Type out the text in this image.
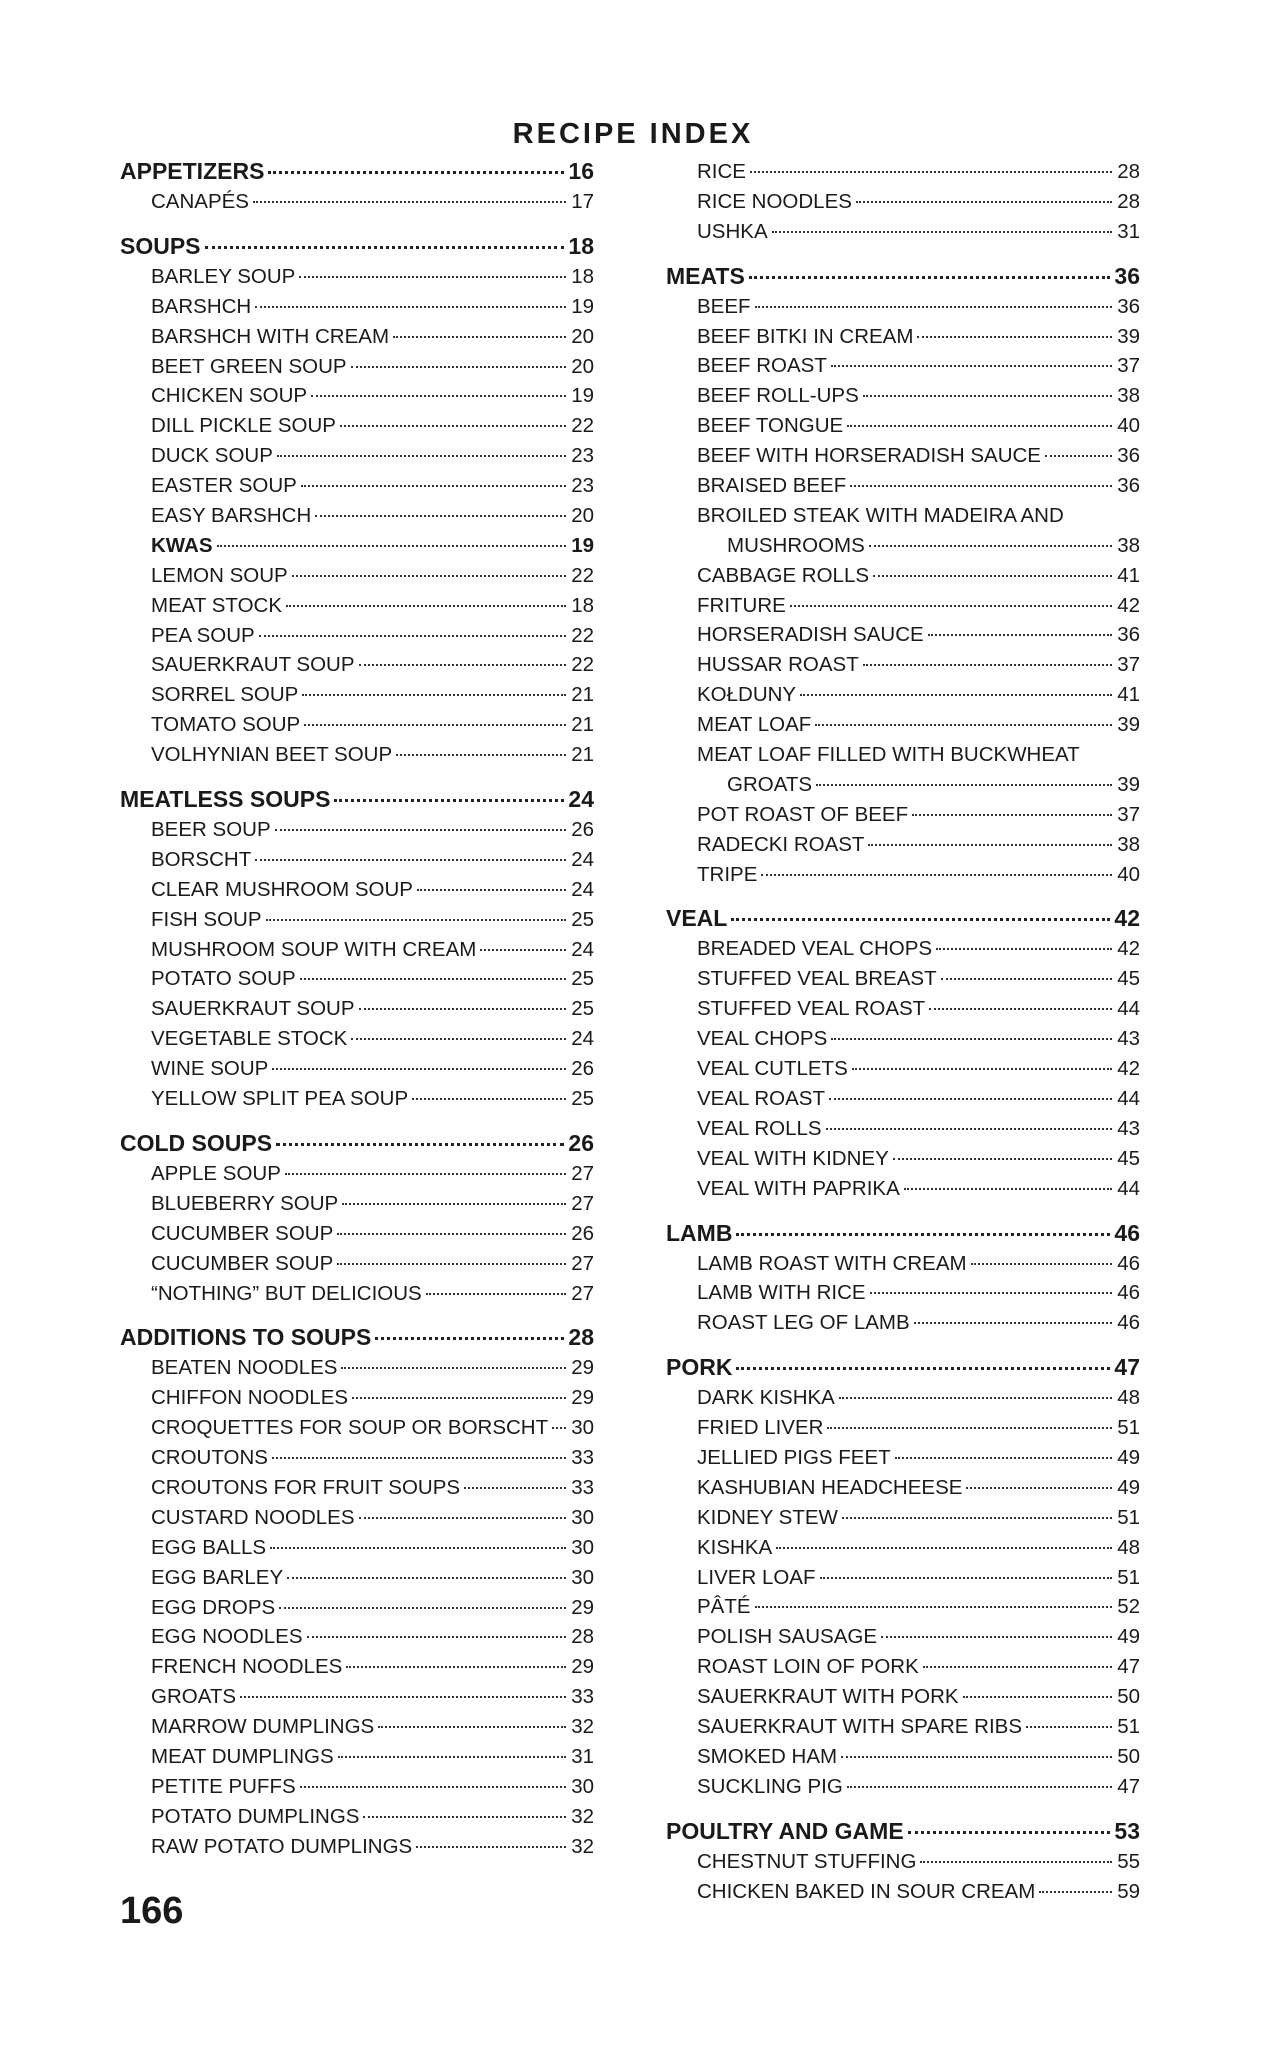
RECIPE INDEX
APPETIZERS	16
CANAPÉS	17
SOUPS	18
BARLEY SOUP	18
BARSHCH	19
BARSHCH WITH CREAM	20
BEET GREEN SOUP	20
CHICKEN SOUP	19
DILL PICKLE SOUP	22
DUCK SOUP	23
EASTER SOUP	23
EASY BARSHCH	20
KWAS	19
LEMON SOUP	22
MEAT STOCK	18
PEA SOUP	22
SAUERKRAUT SOUP	22
SORREL SOUP	21
TOMATO SOUP	21
VOLHYNIAN BEET SOUP	21
MEATLESS SOUPS	24
BEER SOUP	26
BORSCHT	24
CLEAR MUSHROOM SOUP	24
FISH SOUP	25
MUSHROOM SOUP WITH CREAM	24
POTATO SOUP	25
SAUERKRAUT SOUP	25
VEGETABLE STOCK	24
WINE SOUP	26
YELLOW SPLIT PEA SOUP	25
COLD SOUPS	26
APPLE SOUP	27
BLUEBERRY SOUP	27
CUCUMBER SOUP	26
CUCUMBER SOUP	27
“NOTHING” BUT DELICIOUS	27
ADDITIONS TO SOUPS	28
BEATEN NOODLES	29
CHIFFON NOODLES	29
CROQUETTES FOR SOUP OR BORSCHT 30
CROUTONS	33
CROUTONS FOR FRUIT SOUPS	33
CUSTARD NOODLES	30
EGG BALLS	30
EGG BARLEY	30
EGG DROPS	29
EGG NOODLES	28
FRENCH NOODLES	29
GROATS	33
MARROW DUMPLINGS	32
MEAT DUMPLINGS	31
PETITE PUFFS	30
POTATO DUMPLINGS	32
RAW POTATO DUMPLINGS	32
RICE	28
RICE NOODLES	28
USHKA	31
MEATS	36
BEEF	36
BEEF BITKI IN CREAM	39
BEEF ROAST	37
BEEF ROLL-UPS	38
BEEF TONGUE	40
BEEF WITH HORSERADISH SAUCE	36
BRAISED BEEF	36
BROILED STEAK WITH MADEIRA AND
MUSHROOMS	38
CABBAGE ROLLS	41
FRITURE	42
HORSERADISH SAUCE	36
HUSSAR ROAST	37
KOŁDUNY	41
MEAT LOAF	39
MEAT LOAF FILLED WITH BUCKWHEAT
GROATS	39
POT ROAST OF BEEF	37
RADECKI ROAST	38
TRIPE	40
VEAL	42
BREADED VEAL CHOPS	42
STUFFED VEAL BREAST	45
STUFFED VEAL ROAST	44
VEAL CHOPS	43
VEAL CUTLETS	42
VEAL ROAST	44
VEAL ROLLS	43
VEAL WITH KIDNEY	45
VEAL WITH PAPRIKA	44
LAMB	46
LAMB ROAST WITH CREAM	46
LAMB WITH RICE	46
ROAST LEG OF LAMB	46
PORK	47
DARK KISHKA	48
FRIED LIVER	51
JELLIED PIGS FEET	49
KASHUBIAN HEADCHEESE	49
KIDNEY STEW	51
KISHKA	48
LIVER LOAF	51
PÂTÉ	52
POLISH SAUSAGE	49
ROAST LOIN OF PORK	47
SAUERKRAUT WITH PORK	50
SAUERKRAUT WITH SPARE RIBS	51
SMOKED HAM	50
SUCKLING PIG	47
POULTRY AND GAME	53
CHESTNUT STUFFING	55
CHICKEN BAKED IN SOUR CREAM	59
166
